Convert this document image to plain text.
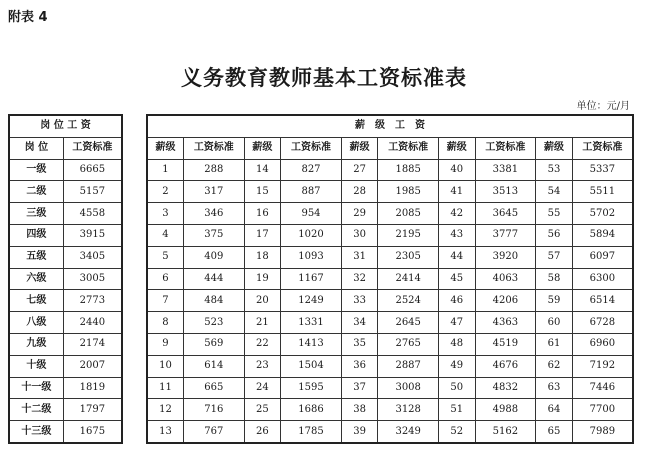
附表 4
义务教育教师基本工资标准表
单位：元/月
岗 位 工 资	
岗 位	工资标准
一级	6665
二级	5157
三级	4558
四级	3915
五级	3405
六级	3005
七级	2773
八级	2440
九级	2174
十级	2007
十一级	1819
十二级	1797
十三级	1675
薪　级　工　资									
薪级	工资标准	薪级	工资标准	薪级	工资标准	薪级	工资标准	薪级	工资标准
1	288	14	827	27	1885	40	3381	53	5337
2	317	15	887	28	1985	41	3513	54	5511
3	346	16	954	29	2085	42	3645	55	5702
4	375	17	1020	30	2195	43	3777	56	5894
5	409	18	1093	31	2305	44	3920	57	6097
6	444	19	1167	32	2414	45	4063	58	6300
7	484	20	1249	33	2524	46	4206	59	6514
8	523	21	1331	34	2645	47	4363	60	6728
9	569	22	1413	35	2765	48	4519	61	6960
10	614	23	1504	36	2887	49	4676	62	7192
11	665	24	1595	37	3008	50	4832	63	7446
12	716	25	1686	38	3128	51	4988	64	7700
13	767	26	1785	39	3249	52	5162	65	7989
